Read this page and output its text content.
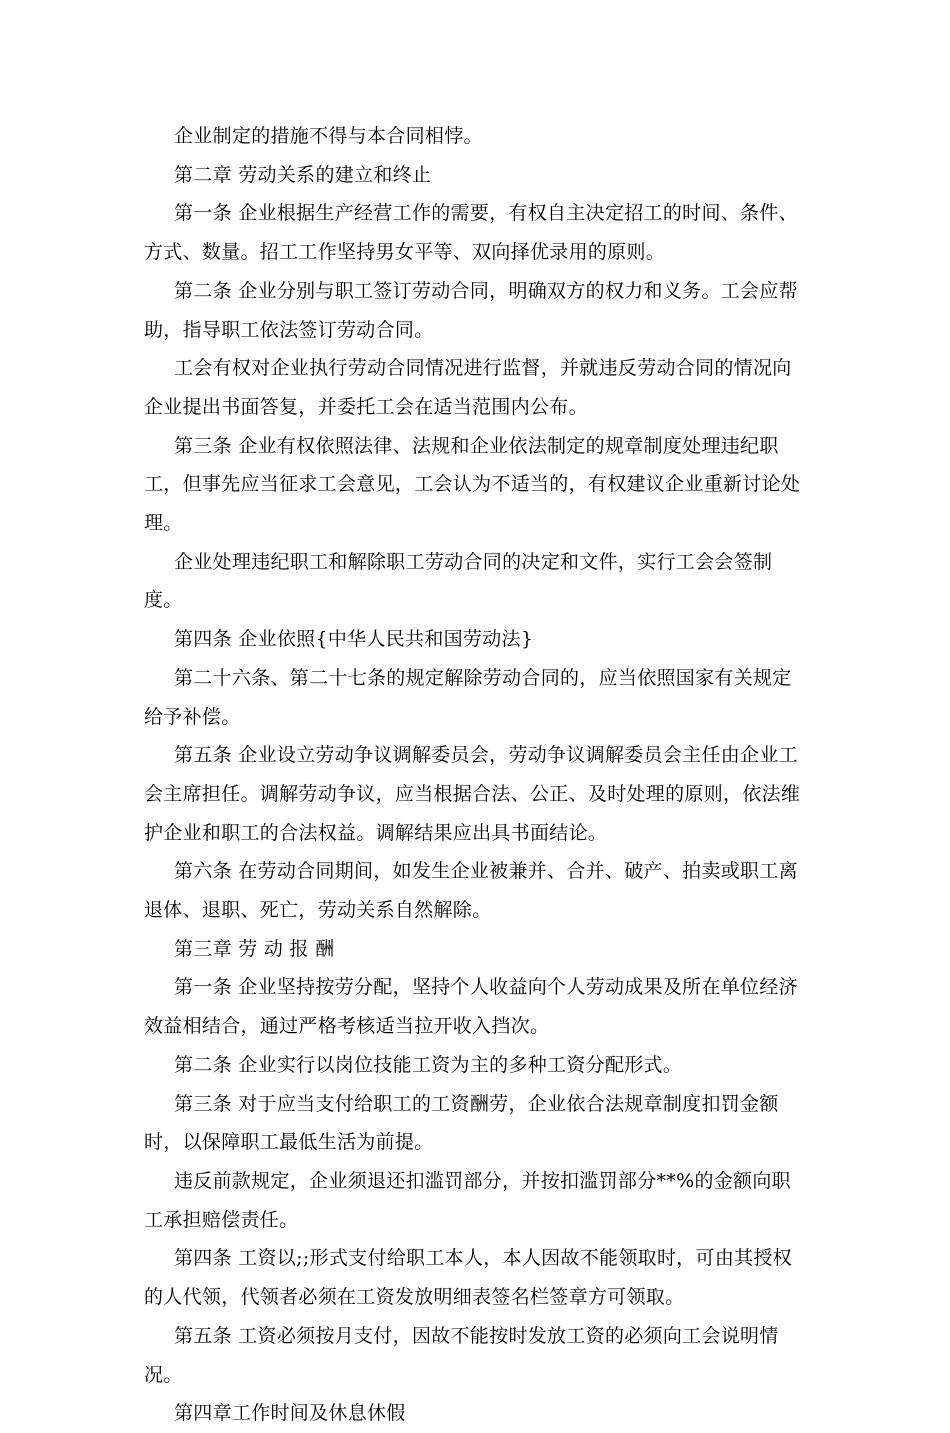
企业制定的措施不得与本合同相悖。

第二章 劳动关系的建立和终止

第一条 企业根据生产经营工作的需要，有权自主决定招工的时间、条件、方式、数量。招工工作坚持男女平等、双向择优录用的原则。

第二条 企业分别与职工签订劳动合同，明确双方的权力和义务。工会应帮助，指导职工依法签订劳动合同。

工会有权对企业执行劳动合同情况进行监督，并就违反劳动合同的情况向企业提出书面答复，并委托工会在适当范围内公布。

第三条 企业有权依照法律、法规和企业依法制定的规章制度处理违纪职工，但事先应当征求工会意见，工会认为不适当的，有权建议企业重新讨论处理。

企业处理违纪职工和解除职工劳动合同的决定和文件，实行工会会签制度。

第四条 企业依照{中华人民共和国劳动法}

第二十六条、第二十七条的规定解除劳动合同的，应当依照国家有关规定给予补偿。

第五条 企业设立劳动争议调解委员会，劳动争议调解委员会主任由企业工会主席担任。调解劳动争议，应当根据合法、公正、及时处理的原则，依法维护企业和职工的合法权益。调解结果应出具书面结论。

第六条 在劳动合同期间，如发生企业被兼并、合并、破产、拍卖或职工离退体、退职、死亡，劳动关系自然解除。

第三章 劳 动 报 酬

第一条 企业坚持按劳分配，坚持个人收益向个人劳动成果及所在单位经济效益相结合，通过严格考核适当拉开收入挡次。

第二条 企业实行以岗位技能工资为主的多种工资分配形式。

第三条 对于应当支付给职工的工资酬劳，企业依合法规章制度扣罚金额时，以保障职工最低生活为前提。

违反前款规定，企业须退还扣滥罚部分，并按扣滥罚部分**%的金额向职工承担赔偿责任。

第四条 工资以;;形式支付给职工本人，本人因故不能领取时，可由其授权的人代领，代领者必须在工资发放明细表签名栏签章方可领取。

第五条 工资必须按月支付，因故不能按时发放工资的必须向工会说明情况。

第四章工作时间及休息休假
